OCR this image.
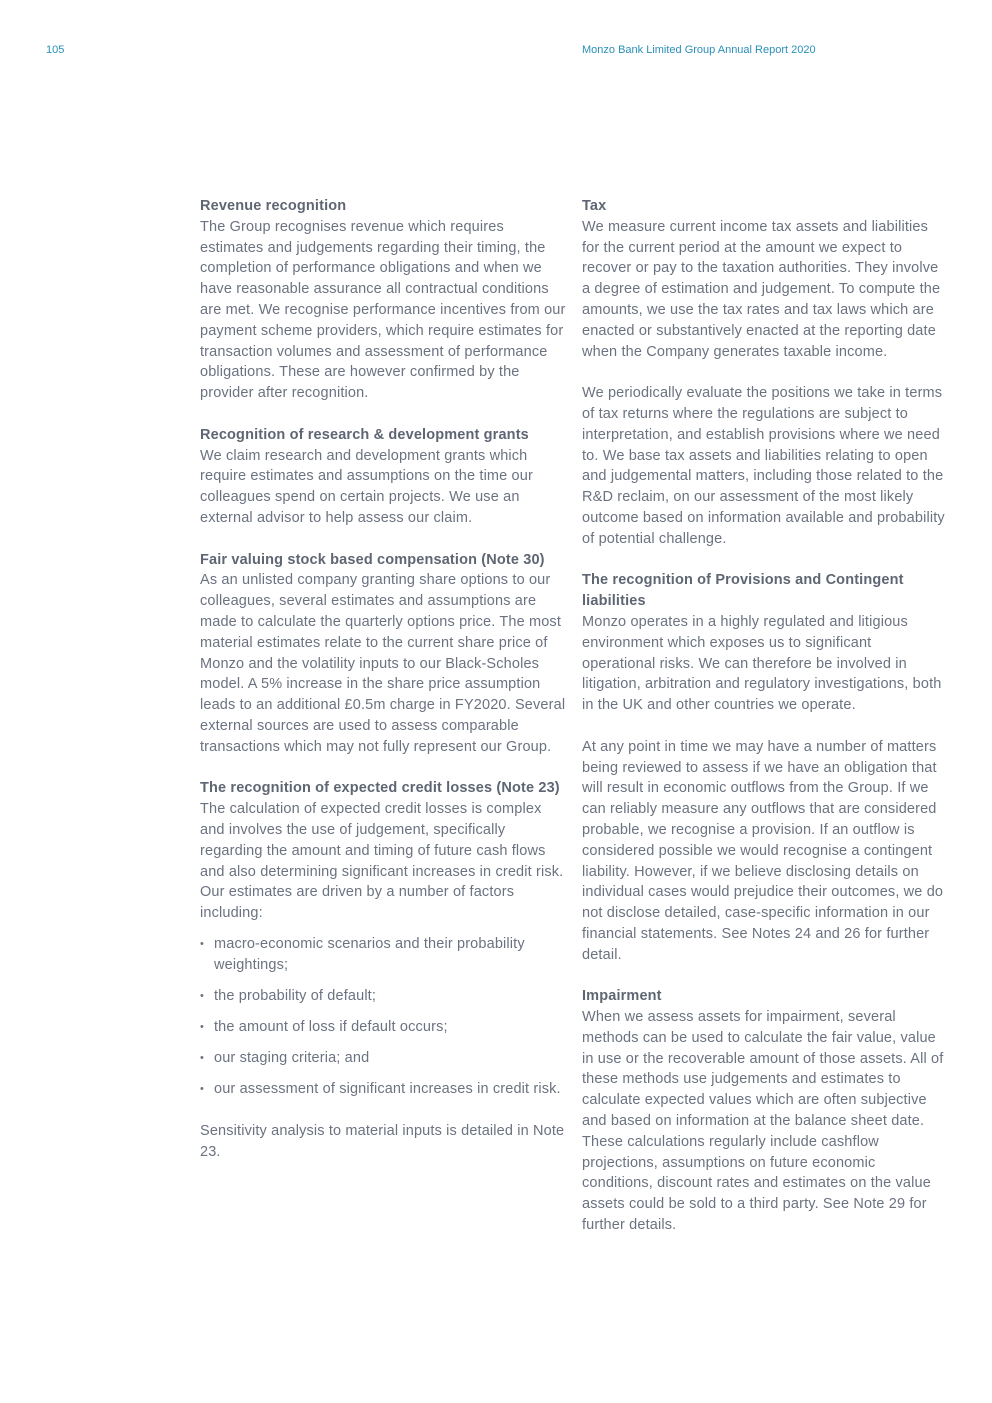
105	Monzo Bank Limited Group Annual Report 2020

Revenue recognition

The Group recognises revenue which requires estimates and judgements regarding their timing, the completion of performance obligations and when we have reasonable assurance all contractual conditions are met. We recognise performance incentives from our payment scheme providers, which require estimates for transaction volumes and assessment of performance obligations. These are however confirmed by the provider after recognition.

Recognition of research & development grants

We claim research and development grants which require estimates and assumptions on the time our colleagues spend on certain projects. We use an external advisor to help assess our claim.

Fair valuing stock based compensation (Note 30)

As an unlisted company granting share options to our colleagues, several estimates and assumptions are made to calculate the quarterly options price. The most material estimates relate to the current share price of Monzo and the volatility inputs to our Black-Scholes model. A 5% increase in the share price assumption leads to an additional £0.5m charge in FY2020. Several external sources are used to assess comparable transactions which may not fully represent our Group.

The recognition of expected credit losses (Note 23)

The calculation of expected credit losses is complex and involves the use of judgement, specifically regarding the amount and timing of future cash flows and also determining significant increases in credit risk. Our estimates are driven by a number of factors including:

• macro-economic scenarios and their probability weightings;
• the probability of default;
• the amount of loss if default occurs;
• our staging criteria; and
• our assessment of significant increases in credit risk.

Sensitivity analysis to material inputs is detailed in Note 23.

Tax

We measure current income tax assets and liabilities for the current period at the amount we expect to recover or pay to the taxation authorities. They involve a degree of estimation and judgement. To compute the amounts, we use the tax rates and tax laws which are enacted or substantively enacted at the reporting date when the Company generates taxable income.

We periodically evaluate the positions we take in terms of tax returns where the regulations are subject to interpretation, and establish provisions where we need to. We base tax assets and liabilities relating to open and judgemental matters, including those related to the R&D reclaim, on our assessment of the most likely outcome based on information available and probability of potential challenge.

The recognition of Provisions and Contingent liabilities

Monzo operates in a highly regulated and litigious environment which exposes us to significant operational risks. We can therefore be involved in litigation, arbitration and regulatory investigations, both in the UK and other countries we operate.

At any point in time we may have a number of matters being reviewed to assess if we have an obligation that will result in economic outflows from the Group. If we can reliably measure any outflows that are considered probable, we recognise a provision. If an outflow is considered possible we would recognise a contingent liability. However, if we believe disclosing details on individual cases would prejudice their outcomes, we do not disclose detailed, case-specific information in our financial statements. See Notes 24 and 26 for further detail.

Impairment

When we assess assets for impairment, several methods can be used to calculate the fair value, value in use or the recoverable amount of those assets. All of these methods use judgements and estimates to calculate expected values which are often subjective and based on information at the balance sheet date. These calculations regularly include cashflow projections, assumptions on future economic conditions, discount rates and estimates on the value assets could be sold to a third party. See Note 29 for further details.
